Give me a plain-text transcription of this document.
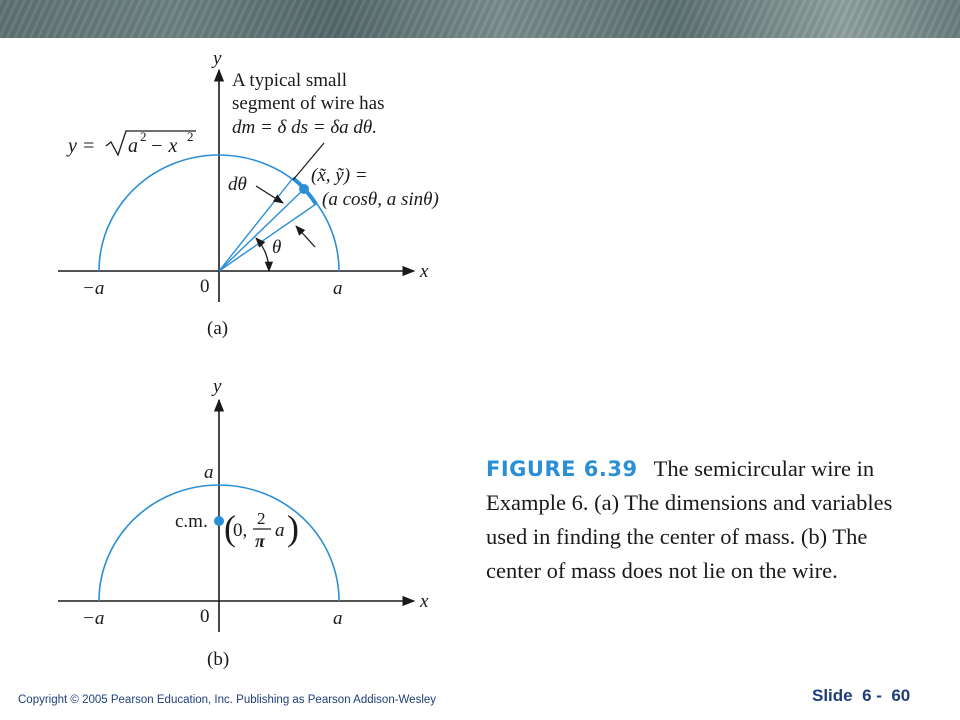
y
x
y = a 2 − x 2
A typical small
segment of wire has
dm = δ ds = δa dθ.
(x̃, ỹ) =
(a cosθ, a sinθ)
dθ
θ
−a	0	a
(a)
y
x
a
c.m. (
0,
2
π a )
−a	0	a
(b)
FIGURE 6.39 The semicircular wire in Example 6. (a) The dimensions and variables used in finding the center of mass. (b) The center of mass does not lie on the wire.
Copyright © 2005 Pearson Education, Inc. Publishing as Pearson Addison-Wesley	Slide  6 -  60
